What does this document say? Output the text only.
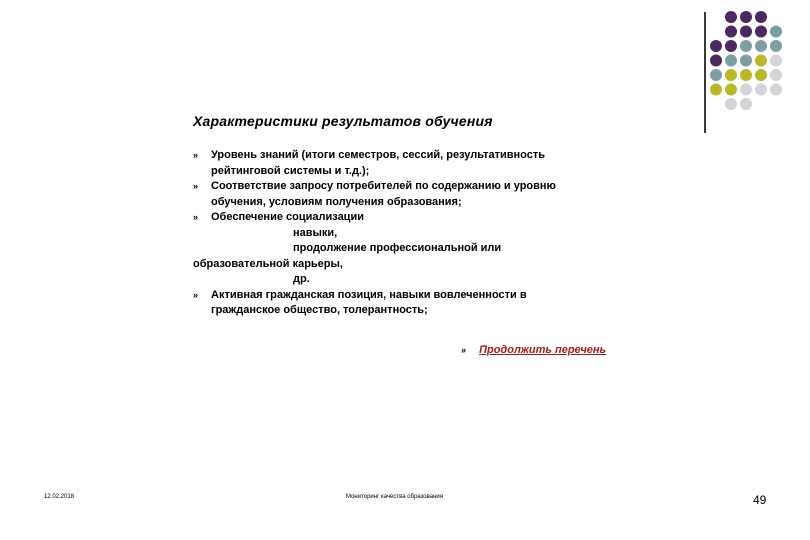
Характеристики результатов обучения
» Уровень знаний (итоги семестров, сессий, результативность
рейтинговой системы и т.д.);
» Соответствие запросу потребителей по содержанию и уровню
обучения, условиям получения образования;
» Обеспечение социализации
навыки,
продолжение профессиональной или
образовательной карьеры,
др.
» Активная гражданская позиция, навыки вовлеченности в
гражданское общество, толерантность;
» Продолжить перечень
12.02.2018	Мониторинг качества образования	49
